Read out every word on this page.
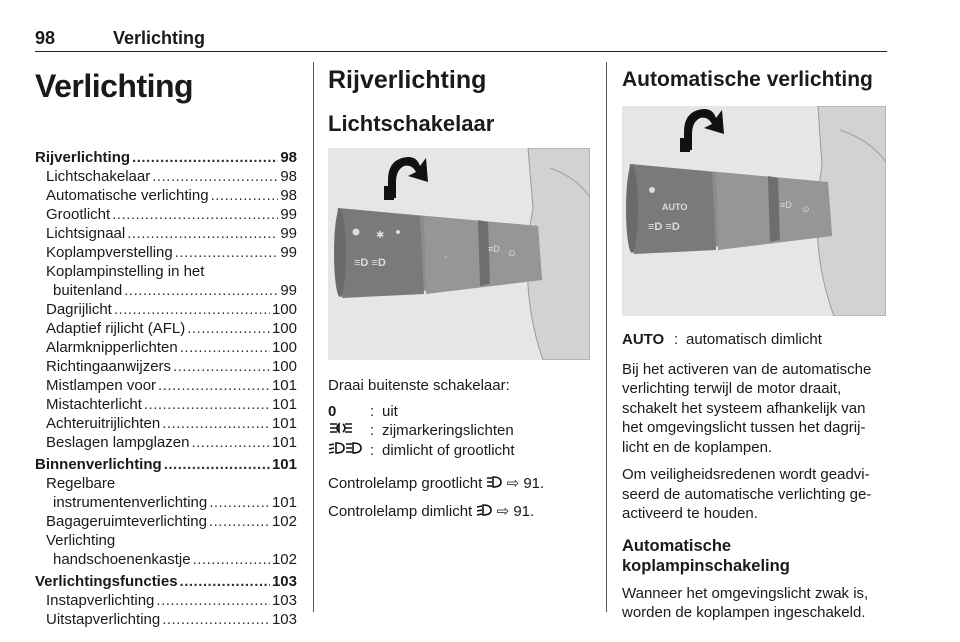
98	Verlichting
Verlichting
Rijverlichting .....	98
Lichtschakelaar .....	98
Automatische verlichting .....	98
Grootlicht .....	99
Lichtsignaal .....	99
Koplampverstelling .....	99
Koplampinstelling in het
buitenland .....	99
Dagrijlicht .....	100
Adaptief rijlicht (AFL) .....	100
Alarmknipperlichten .....	100
Richtingaanwijzers .....	100
Mistlampen voor .....	101
Mistachterlicht .....	101
Achteruitrijlichten .....	101
Beslagen lampglazen .....	101
Binnenverlichting .....	101
Regelbare
instrumentenverlichting .....	101
Bagageruimteverlichting .....	102
Verlichting
handschoenenkastje .....	102
Verlichtingsfuncties .....	103
Instapverlichting .....	103
Uitstapverlichting .....	103
Rijverlichting
Lichtschakelaar
✱
≡D ≡D	◦
≡D ⊙

Draai buitenste schakelaar:

0	: uit
: zijmarkeringslichten
: dimlicht of grootlicht

Controlelamp grootlicht ⇨ 91.

Controlelamp dimlicht ⇨ 91.

Automatische verlichting
AUTO
≡D ≡D
≡D ⊙
AUTO : automatisch dimlicht

Bij het activeren van de automatische verlichting terwijl de motor draait, schakelt het systeem afhankelijk van het omgevingslicht tussen het dagrij-licht en de koplampen.

Om veiligheidsredenen wordt geadvi-seerd de automatische verlichting ge-activeerd te houden.

Automatische koplampinschakeling

Wanneer het omgevingslicht zwak is, worden de koplampen ingeschakeld.
